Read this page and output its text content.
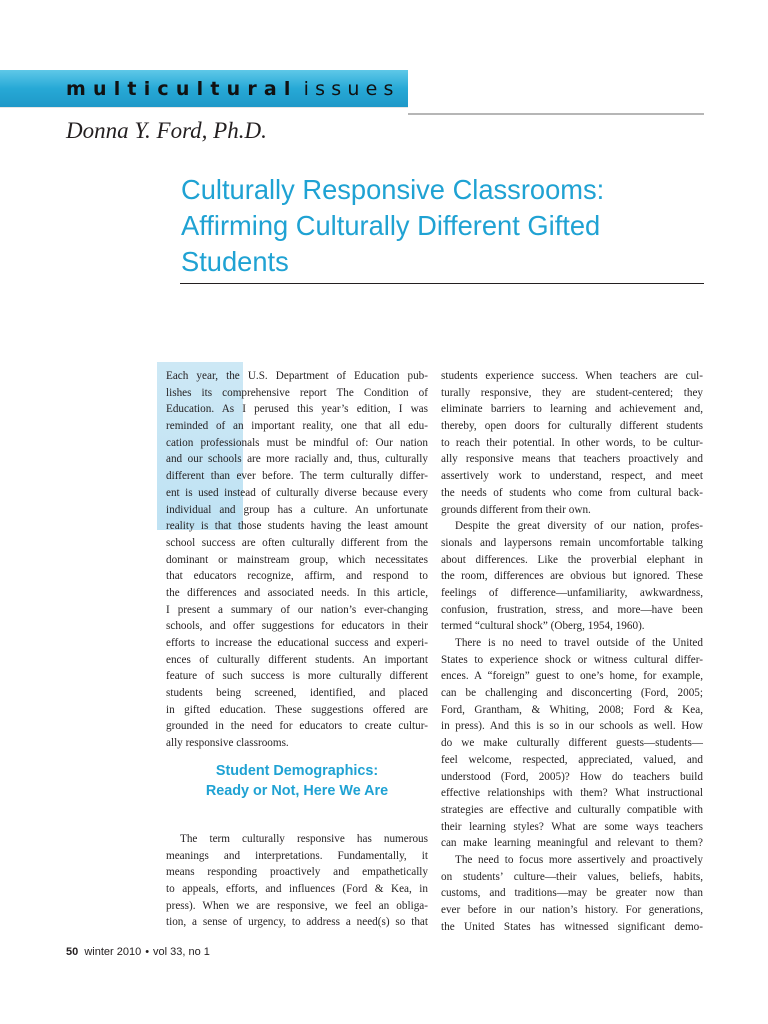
multicultural issues
Donna Y. Ford, Ph.D.
Culturally Responsive Classrooms:
Affirming Culturally Different Gifted
Students
Each year, the U.S. Department of Education pub-
lishes its comprehensive report The Condition of
Education. As I perused this year’s edition, I was
reminded of an important reality, one that all edu-
cation professionals must be mindful of: Our nation
and our schools are more racially and, thus, culturally
different than ever before. The term culturally differ-
ent is used instead of culturally diverse because every
individual and group has a culture. An unfortunate
reality is that those students having the least amount
school success are often culturally different from the
dominant or mainstream group, which necessitates
that educators recognize, affirm, and respond to
the differences and associated needs. In this article,
I present a summary of our nation’s ever-changing
schools, and offer suggestions for educators in their
efforts to increase the educational success and experi-
ences of culturally different students. An important
feature of such success is more culturally different
students being screened, identified, and placed
in gifted education. These suggestions offered are
grounded in the need for educators to create cultur-
ally responsive classrooms.
Student Demographics:
Ready or Not, Here We Are
The term culturally responsive has numerous
meanings and interpretations. Fundamentally, it
means responding proactively and empathetically
to appeals, efforts, and influences (Ford & Kea, in
press). When we are responsive, we feel an obliga-
tion, a sense of urgency, to address a need(s) so that
students experience success. When teachers are cul-
turally responsive, they are student-centered; they
eliminate barriers to learning and achievement and,
thereby, open doors for culturally different students
to reach their potential. In other words, to be cultur-
ally responsive means that teachers proactively and
assertively work to understand, respect, and meet
the needs of students who come from cultural back-
grounds different from their own.
Despite the great diversity of our nation, profes-
sionals and laypersons remain uncomfortable talking
about differences. Like the proverbial elephant in
the room, differences are obvious but ignored. These
feelings of difference—unfamiliarity, awkwardness,
confusion, frustration, stress, and more—have been
termed “cultural shock” (Oberg, 1954, 1960).
There is no need to travel outside of the United
States to experience shock or witness cultural differ-
ences. A “foreign” guest to one’s home, for example,
can be challenging and disconcerting (Ford, 2005;
Ford, Grantham, & Whiting, 2008; Ford & Kea,
in press). And this is so in our schools as well. How
do we make culturally different guests—students—
feel welcome, respected, appreciated, valued, and
understood (Ford, 2005)? How do teachers build
effective relationships with them? What instructional
strategies are effective and culturally compatible with
their learning styles? What are some ways teachers
can make learning meaningful and relevant to them?
The need to focus more assertively and proactively
on students’ culture—their values, beliefs, habits,
customs, and traditions—may be greater now than
ever before in our nation’s history. For generations,
the United States has witnessed significant demo-
50 winter 2010 • vol 33, no 1
